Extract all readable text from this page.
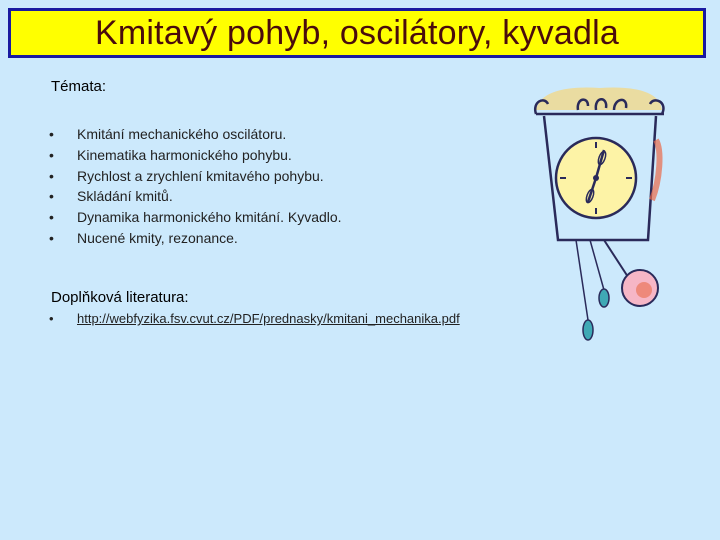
Kmitavý pohyb, oscilátory, kyvadla
Témata:
•	Kmitání mechanického oscilátoru.
•	Kinematika harmonického pohybu.
•	Rychlost a zrychlení kmitavého pohybu.
•	Skládání kmitů.
•	Dynamika harmonického kmitání. Kyvadlo.
•	Nucené kmity, rezonance.
Doplňková literatura:
•	http://webfyzika.fsv.cvut.cz/PDF/prednasky/kmitani_mechanika.pdf
